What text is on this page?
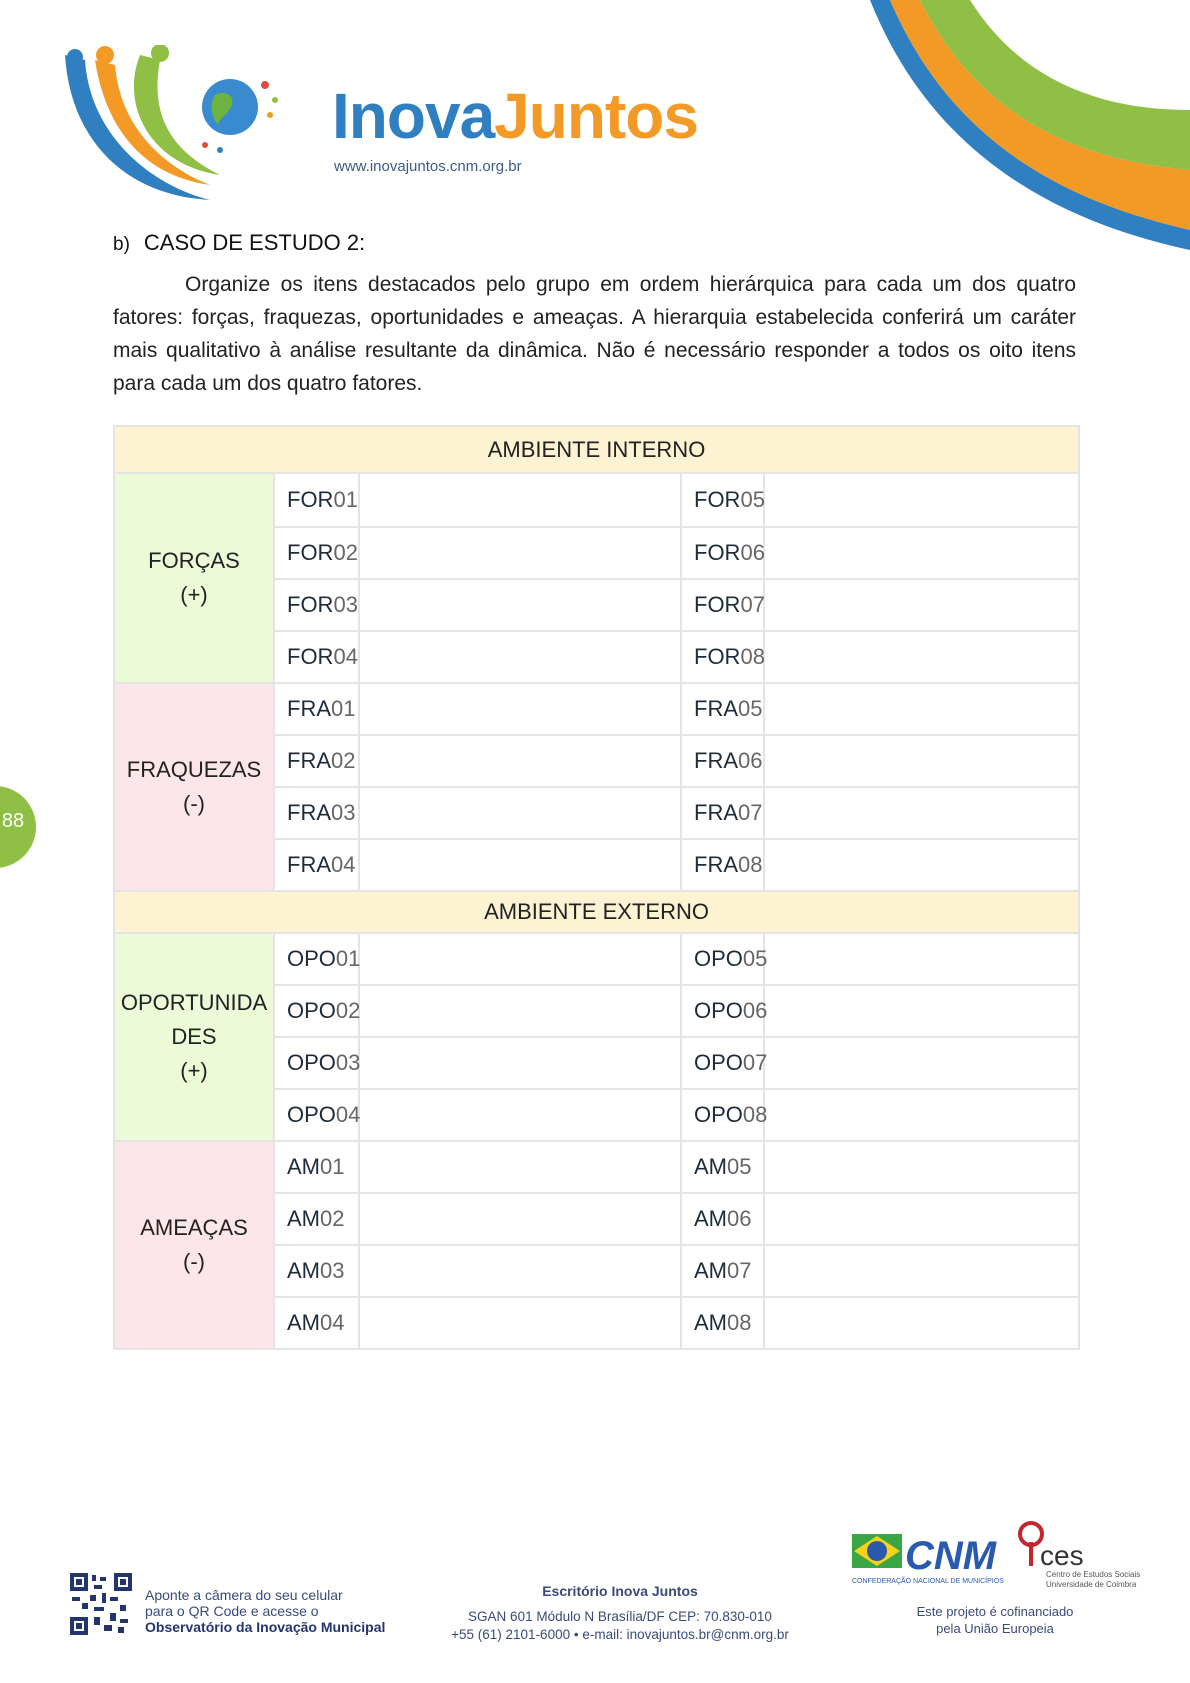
InovaJuntos
www.inovajuntos.cnm.org.br
b) CASO DE ESTUDO 2:
Organize os itens destacados pelo grupo em ordem hierárquica para cada um dos quatro fatores: forças, fraquezas, oportunidades e ameaças. A hierarquia estabelecida conferirá um caráter mais qualitativo à análise resultante da dinâmica. Não é necessário responder a todos os oito itens para cada um dos quatro fatores.
88
AMBIENTE INTERNO				
FORÇAS
(+)	FOR01		FOR05	
	FOR02		FOR06	
	FOR03		FOR07	
	FOR04		FOR08	
FRAQUEZAS
(-)	FRA01		FRA05	
	FRA02		FRA06	
	FRA03		FRA07	
	FRA04		FRA08	
AMBIENTE EXTERNO				
OPORTUNIDA
DES
(+)	OPO01		OPO05	
	OPO02		OPO06	
	OPO03		OPO07	
	OPO04		OPO08	
AMEAÇAS
(-)	AM01		AM05	
	AM02		AM06	
	AM03		AM07	
	AM04		AM08	
Aponte a câmera do seu celular
para o QR Code e acesse o
Observatório da Inovação Municipal
Escritório Inova Juntos
SGAN 601 Módulo N Brasília/DF CEP: 70.830-010
+55 (61) 2101-6000 • e-mail: inovajuntos.br@cnm.org.br
CNM
CONFEDERAÇÃO NACIONAL DE MUNICÍPIOS
ces
Centro de Estudos Sociais
Universidade de Coimbra
Este projeto é cofinanciado
pela União Europeia
